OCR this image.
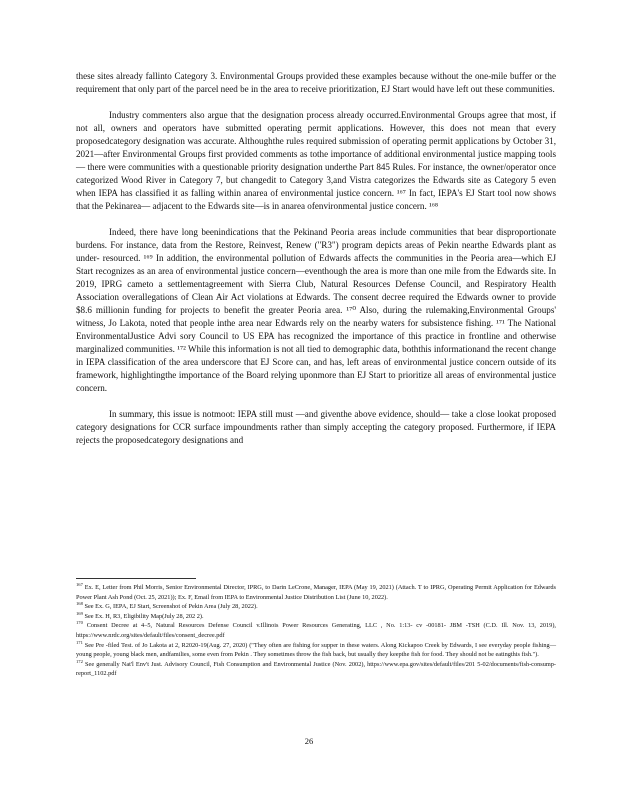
these sites already fallinto Category 3. Environmental Groups provided these examples because without the one-mile buffer or the requirement that only part of the parcel need be in the area to receive prioritization, EJ Start would have left out these communities.

Industry commenters also argue that the designation process already occurred.Environmental Groups agree that most, if not all, owners and operators have submitted operating permit applications. However, this does not mean that every proposedcategory designation was accurate. Althoughthe rules required submission of operating permit applications by October 31, 2021—after Environmental Groups first provided comments as tothe importance of additional environmental justice mapping tools — there were communities with a questionable priority designation underthe Part 845 Rules. For instance, the owner/operator once categorized Wood River in Category 7, but changedit to Category 3,and Vistra categorizes the Edwards site as Category 5 even when IEPA has classified it as falling within anarea of environmental justice concern. ¹⁶⁷ In fact, IEPA's EJ Start tool now shows that the Pekinarea— adjacent to the Edwards site—is in anarea ofenvironmental justice concern. ¹⁶⁸

Indeed, there have long beenindications that the Pekinand Peoria areas include communities that bear disproportionate burdens. For instance, data from the Restore, Reinvest, Renew ("R3") program depicts areas of Pekin nearthe Edwards plant as under- resourced. ¹⁶⁹ In addition, the environmental pollution of Edwards affects the communities in the Peoria area—which EJ Start recognizes as an area of environmental justice concern—eventhough the area is more than one mile from the Edwards site. In 2019, IPRG cameto a settlementagreement with Sierra Club, Natural Resources Defense Council, and Respiratory Health Association overallegations of Clean Air Act violations at Edwards. The consent decree required the Edwards owner to provide $8.6 millionin funding for projects to benefit the greater Peoria area. ¹⁷⁰ Also, during the rulemaking,Environmental Groups' witness, Jo Lakota, noted that people inthe area near Edwards rely on the nearby waters for subsistence fishing. ¹⁷¹ The National EnvironmentalJustice Advi sory Council to US EPA has recognized the importance of this practice in frontline and otherwise marginalized communities. ¹⁷² While this information is not all tied to demographic data, boththis informationand the recent change in IEPA classification of the area underscore that EJ Score can, and has, left areas of environmental justice concern outside of its framework, highlightingthe importance of the Board relying uponmore than EJ Start to prioritize all areas of environmental justice concern.

In summary, this issue is notmoot: IEPA still must —and giventhe above evidence, should— take a close lookat proposed category designations for CCR surface impoundments rather than simply accepting the category proposed. Furthermore, if IEPA rejects the proposedcategory designations and

$^{167}$ Ex. E, Letter from Phil Morris, Senior Environmental Director, IPRG, to Darin LeCrone, Manager, IEPA (May 19, 2021) (Attach. T to IPRG, Operating Permit Application for Edwards Power Plant Ash Pond (Oct. 25, 2021)); Ex. F, Email from IEPA to Environmental Justice Distribution List (June 10, 2022).

$^{168}$ See Ex. G, IEPA, EJ Start, Screenshot of Pekin Area (July 28, 2022).

$^{169}$ See Ex. H, R3, Eligibility Map(July 28, 202 2).

$^{170}$ Consent Decree at 4–5, Natural Resources Defense Council v.Illinois Power Resources Generating, LLC , No. 1:13- cv -00181- JBM -TSH (C.D. Ill. Nov. 13, 2019), https://www.nrdc.org/sites/default/files/consent_decree.pdf

$^{171}$ See Pre -filed Test. of Jo Lakota at 2, R2020-19(Aug. 27, 2020) ("They often are fishing for supper in these waters. Along Kickapoo Creek by Edwards, I see everyday people fishing—young people, young black men, andfamilies, some even from Pekin . They sometimes throw the fish back, but usually they keepthe fish for food. They should not be eatingthis fish.").

$^{172}$ See generally Nat'l Env't Just. Advisory Council, Fish Consumption and Environmental Justice (Nov. 2002), https://www.epa.gov/sites/default/files/201 5-02/documents/fish-consump-report_1102.pdf

26
